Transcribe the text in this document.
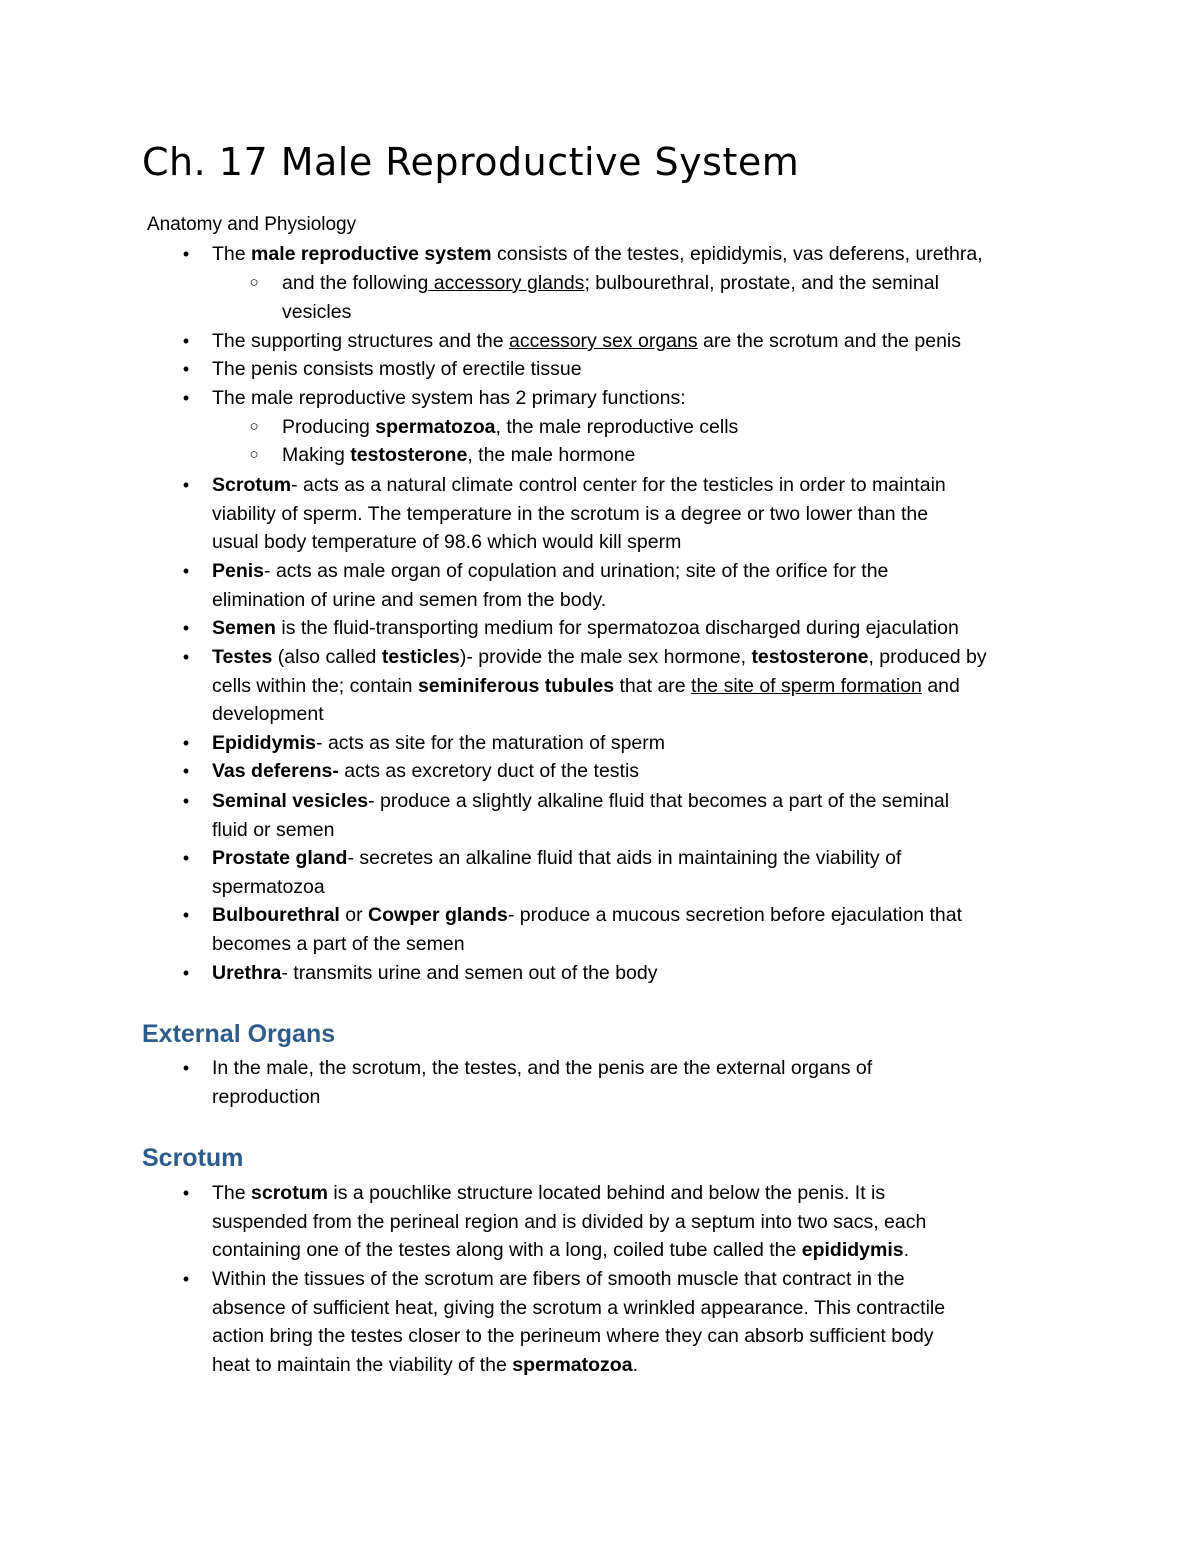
Ch. 17 Male Reproductive System

Anatomy and Physiology

•	The male reproductive system consists of the testes, epididymis, vas deferens, urethra,
○ and the following accessory glands; bulbourethral, prostate, and the seminal
vesicles
•	The supporting structures and the accessory sex organs are the scrotum and the penis
•	The penis consists mostly of erectile tissue
•	The male reproductive system has 2 primary functions:
○ Producing spermatozoa, the male reproductive cells
○ Making testosterone, the male hormone
•	Scrotum- acts as a natural climate control center for the testicles in order to maintain
viability of sperm. The temperature in the scrotum is a degree or two lower than the
usual body temperature of 98.6 which would kill sperm
•	Penis- acts as male organ of copulation and urination; site of the orifice for the
elimination of urine and semen from the body.
•	Semen is the fluid-transporting medium for spermatozoa discharged during ejaculation
•	Testes (also called testicles)- provide the male sex hormone, testosterone, produced by
cells within the; contain seminiferous tubules that are the site of sperm formation and
development
•	Epididymis- acts as site for the maturation of sperm
•	Vas deferens- acts as excretory duct of the testis
•	Seminal vesicles- produce a slightly alkaline fluid that becomes a part of the seminal
fluid or semen
•	Prostate gland- secretes an alkaline fluid that aids in maintaining the viability of
spermatozoa
•	Bulbourethral or Cowper glands- produce a mucous secretion before ejaculation that
becomes a part of the semen
•	Urethra- transmits urine and semen out of the body
External Organs
•	In the male, the scrotum, the testes, and the penis are the external organs of
reproduction
Scrotum
•	The scrotum is a pouchlike structure located behind and below the penis. It is
suspended from the perineal region and is divided by a septum into two sacs, each
containing one of the testes along with a long, coiled tube called the epididymis.
•	Within the tissues of the scrotum are fibers of smooth muscle that contract in the
absence of sufficient heat, giving the scrotum a wrinkled appearance. This contractile
action bring the testes closer to the perineum where they can absorb sufficient body
heat to maintain the viability of the spermatozoa.
